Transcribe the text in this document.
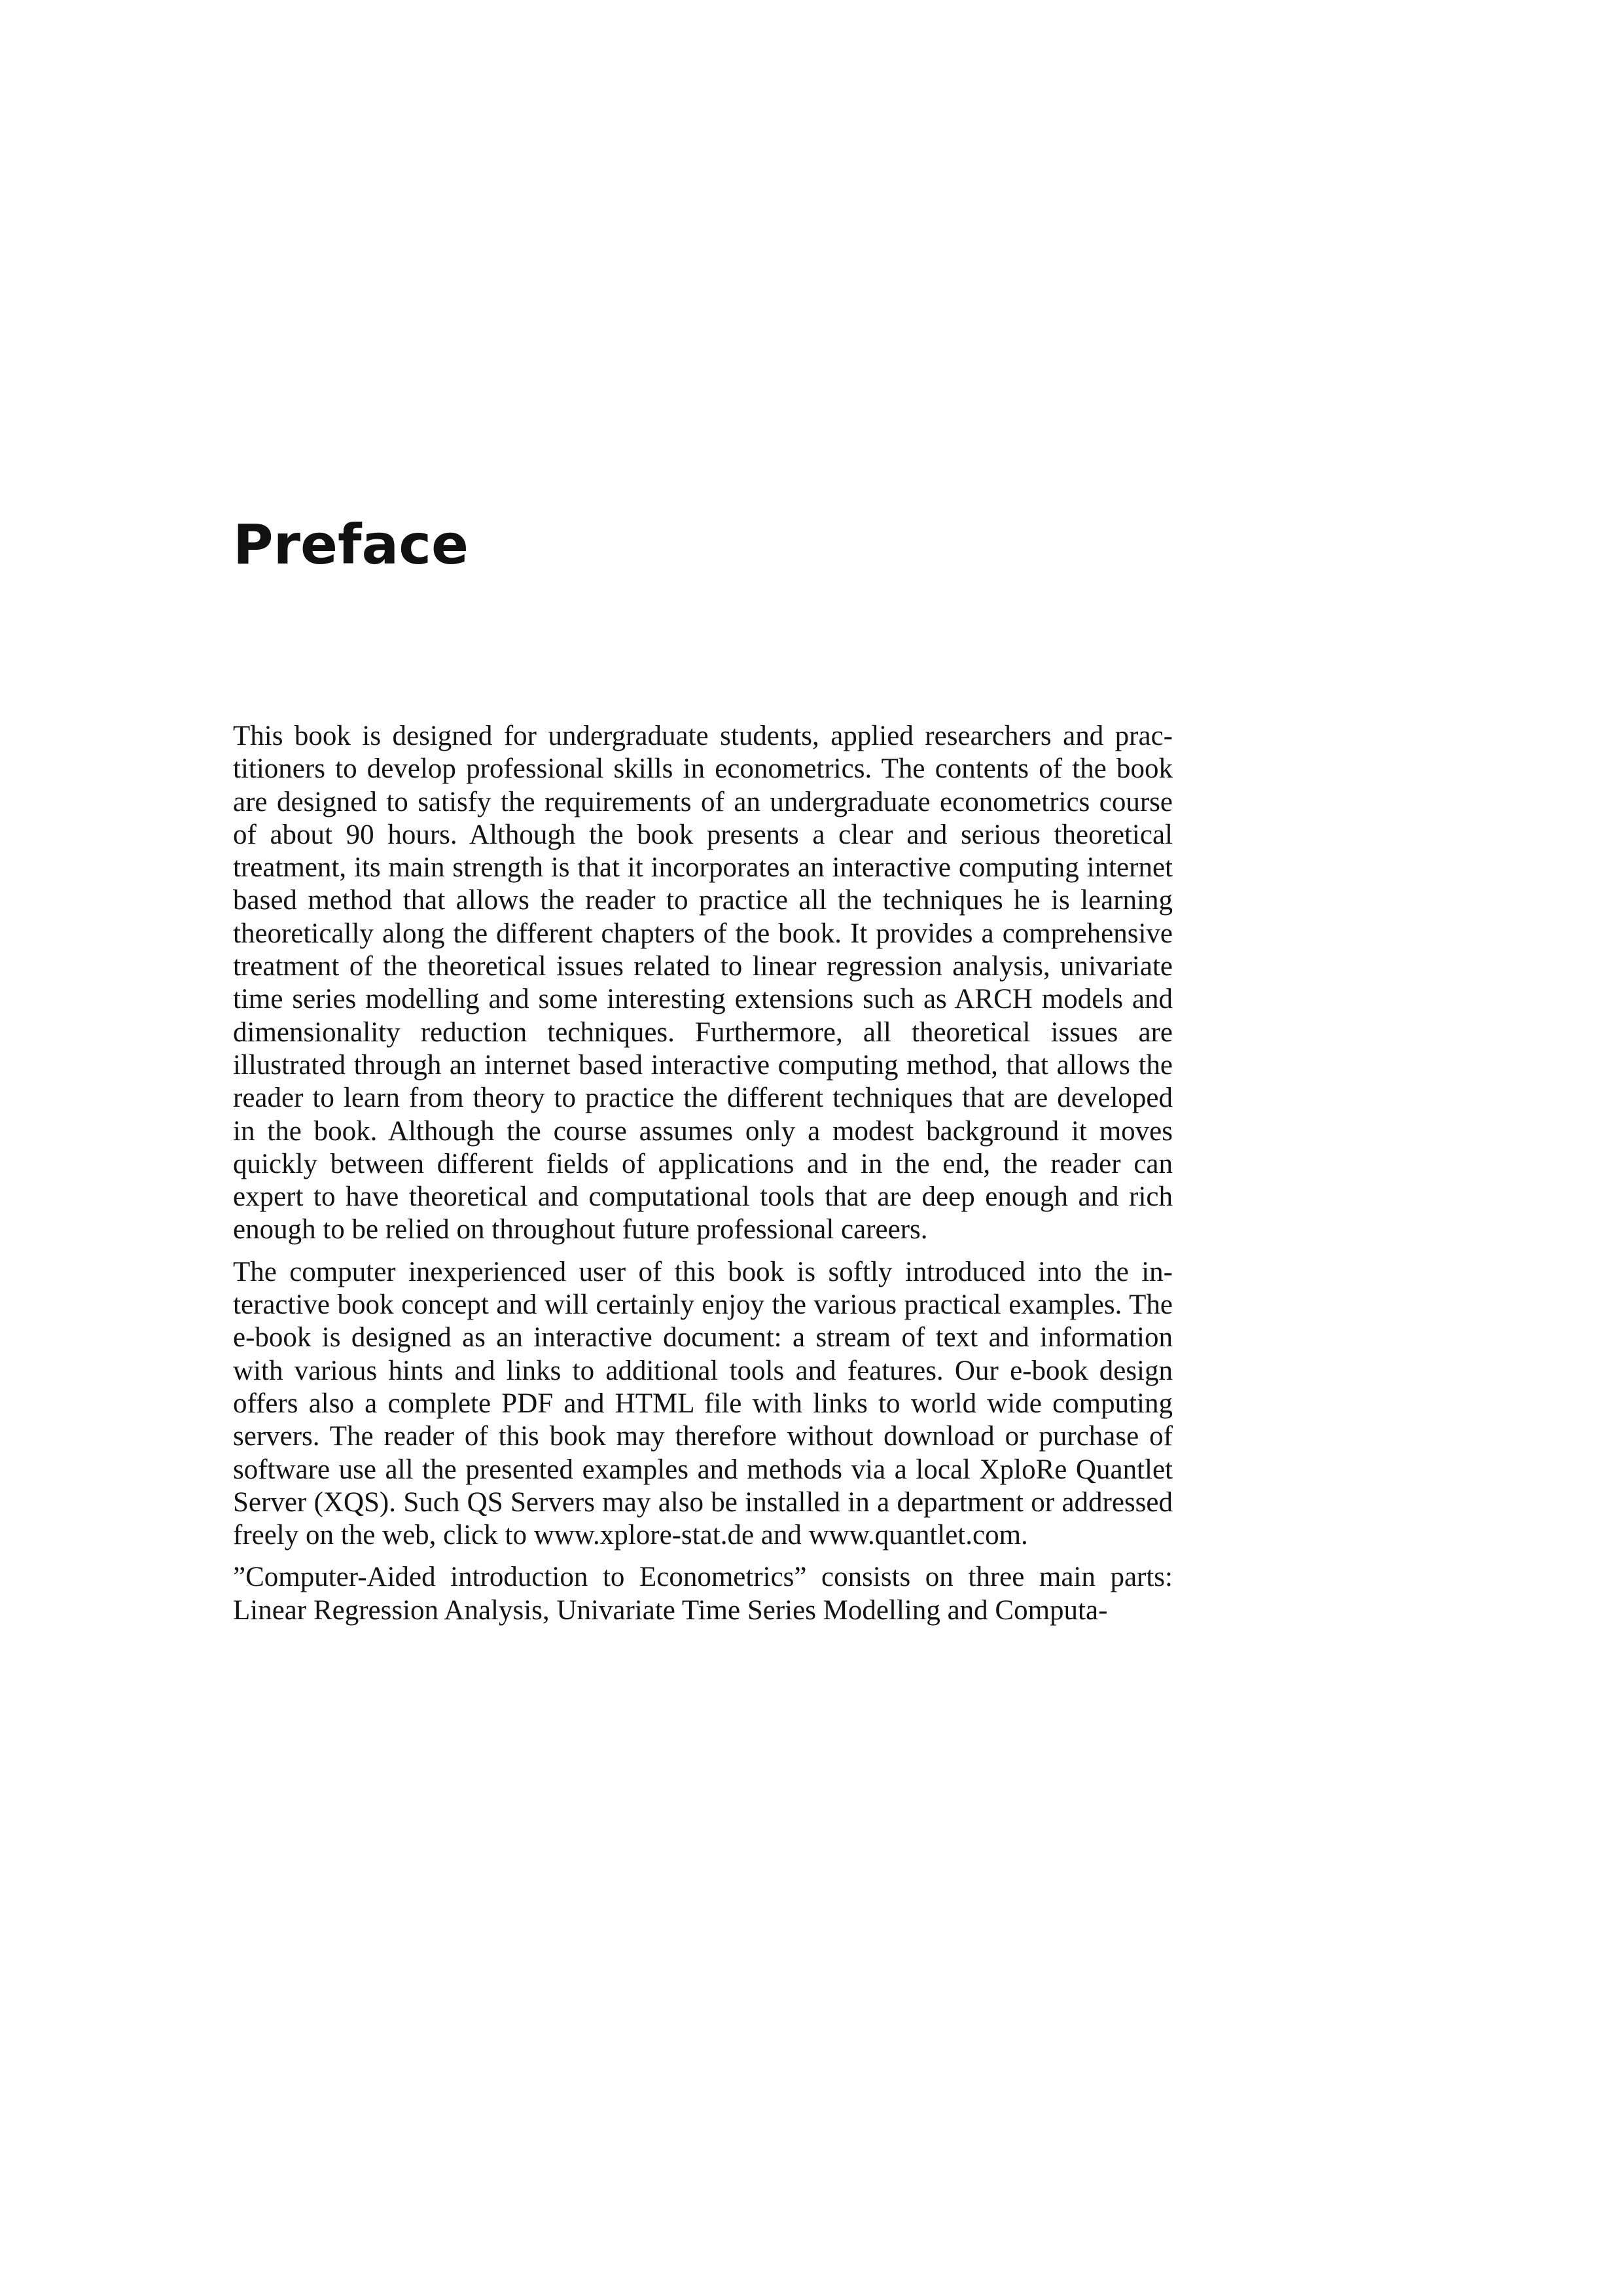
Preface

This book is designed for undergraduate students, applied researchers and practitioners to develop professional skills in econometrics. The contents of the book are designed to satisfy the requirements of an undergraduate econometrics course of about 90 hours. Although the book presents a clear and serious theoretical treatment, its main strength is that it incorporates an interactive computing internet based method that allows the reader to practice all the techniques he is learning theoretically along the different chapters of the book. It provides a comprehensive treatment of the theoretical issues related to linear regression analysis, univariate time series modelling and some interesting extensions such as ARCH models and dimensionality reduction techniques. Furthermore, all theoretical issues are illustrated through an internet based interactive computing method, that allows the reader to learn from theory to practice the different techniques that are developed in the book. Although the course assumes only a modest background it moves quickly between different fields of applications and in the end, the reader can expert to have theoretical and computational tools that are deep enough and rich enough to be relied on throughout future professional careers.

The computer inexperienced user of this book is softly introduced into the interactive book concept and will certainly enjoy the various practical examples. The e-book is designed as an interactive document: a stream of text and information with various hints and links to additional tools and features. Our e-book design offers also a complete PDF and HTML file with links to world wide computing servers. The reader of this book may therefore without download or purchase of software use all the presented examples and methods via a local XploRe Quantlet Server (XQS). Such QS Servers may also be installed in a department or addressed freely on the web, click to www.xplore-stat.de and www.quantlet.com.

”Computer-Aided introduction to Econometrics” consists on three main parts: Linear Regression Analysis, Univariate Time Series Modelling and Computa-
